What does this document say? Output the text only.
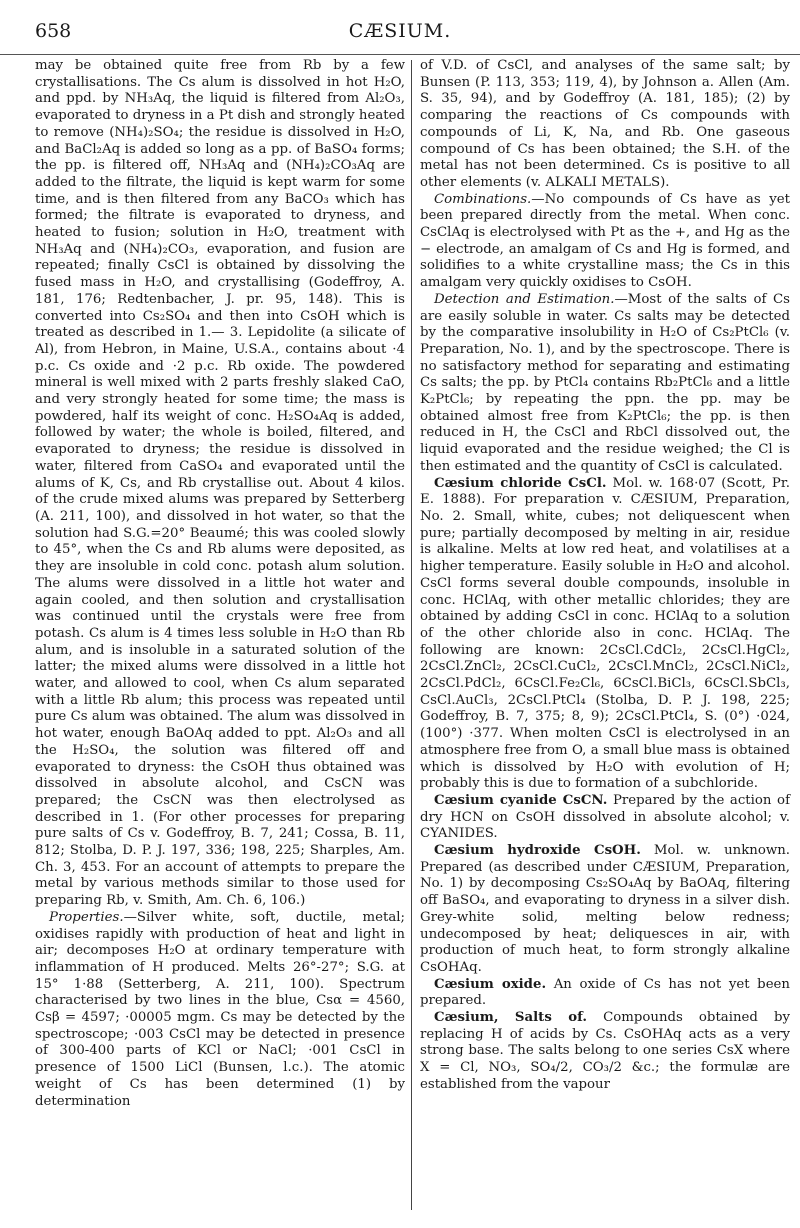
658	CÆSIUM.

may be obtained quite free from Rb by a few crystallisations. The Cs alum is dissolved in hot H₂O, and ppd. by NH₃Aq, the liquid is filtered from Al₂O₃, evaporated to dryness in a Pt dish and strongly heated to remove (NH₄)₂SO₄; the residue is dissolved in H₂O, and BaCl₂Aq is added so long as a pp. of BaSO₄ forms; the pp. is filtered off, NH₃Aq and (NH₄)₂CO₃Aq are added to the filtrate, the liquid is kept warm for some time, and is then filtered from any BaCO₃ which has formed; the filtrate is evaporated to dryness, and heated to fusion; solution in H₂O, treatment with NH₃Aq and (NH₄)₂CO₃, evaporation, and fusion are repeated; finally CsCl is obtained by dissolving the fused mass in H₂O, and crystallising (Godeffroy, A. 181, 176; Redtenbacher, J. pr. 95, 148). This is converted into Cs₂SO₄ and then into CsOH which is treated as described in 1.— 3. Lepidolite (a silicate of Al), from Hebron, in Maine, U.S.A., contains about ·4 p.c. Cs oxide and ·2 p.c. Rb oxide. The powdered mineral is well mixed with 2 parts freshly slaked CaO, and very strongly heated for some time; the mass is powdered, half its weight of conc. H₂SO₄Aq is added, followed by water; the whole is boiled, filtered, and evaporated to dryness; the residue is dissolved in water, filtered from CaSO₄ and evaporated until the alums of K, Cs, and Rb crystallise out. About 4 kilos. of the crude mixed alums was prepared by Setterberg (A. 211, 100), and dissolved in hot water, so that the solution had S.G.=20° Beaumé; this was cooled slowly to 45°, when the Cs and Rb alums were deposited, as they are insoluble in cold conc. potash alum solution. The alums were dissolved in a little hot water and again cooled, and then solution and crystallisation was continued until the crystals were free from potash. Cs alum is 4 times less soluble in H₂O than Rb alum, and is insoluble in a saturated solution of the latter; the mixed alums were dissolved in a little hot water, and allowed to cool, when Cs alum separated with a little Rb alum; this process was repeated until pure Cs alum was obtained. The alum was dissolved in hot water, enough BaOAq added to ppt. Al₂O₃ and all the H₂SO₄, the solution was filtered off and evaporated to dryness: the CsOH thus obtained was dissolved in absolute alcohol, and CsCN was prepared; the CsCN was then electrolysed as described in 1. (For other processes for preparing pure salts of Cs v. Godeffroy, B. 7, 241; Cossa, B. 11, 812; Stolba, D. P. J. 197, 336; 198, 225; Sharples, Am. Ch. 3, 453. For an account of attempts to prepare the metal by various methods similar to those used for preparing Rb, v. Smith, Am. Ch. 6, 106.)

Properties.—Silver white, soft, ductile, metal; oxidises rapidly with production of heat and light in air; decomposes H₂O at ordinary temperature with inflammation of H produced. Melts 26°-27°; S.G. at 15° 1·88 (Setterberg, A. 211, 100). Spectrum characterised by two lines in the blue, Csα = 4560, Csβ = 4597; ·00005 mgm. Cs may be detected by the spectroscope; ·003 CsCl may be detected in presence of 300-400 parts of KCl or NaCl; ·001 CsCl in presence of 1500 LiCl (Bunsen, l.c.). The atomic weight of Cs has been determined (1) by determination

of V.D. of CsCl, and analyses of the same salt; by Bunsen (P. 113, 353; 119, 4), by Johnson a. Allen (Am. S. 35, 94), and by Godeffroy (A. 181, 185); (2) by comparing the reactions of Cs compounds with compounds of Li, K, Na, and Rb. One gaseous compound of Cs has been obtained; the S.H. of the metal has not been determined. Cs is positive to all other elements (v. ALKALI METALS).

Combinations.—No compounds of Cs have as yet been prepared directly from the metal. When conc. CsClAq is electrolysed with Pt as the +, and Hg as the − electrode, an amalgam of Cs and Hg is formed, and solidifies to a white crystalline mass; the Cs in this amalgam very quickly oxidises to CsOH.

Detection and Estimation.—Most of the salts of Cs are easily soluble in water. Cs salts may be detected by the comparative insolubility in H₂O of Cs₂PtCl₆ (v. Preparation, No. 1), and by the spectroscope. There is no satisfactory method for separating and estimating Cs salts; the pp. by PtCl₄ contains Rb₂PtCl₆ and a little K₂PtCl₆; by repeating the ppn. the pp. may be obtained almost free from K₂PtCl₆; the pp. is then reduced in H, the CsCl and RbCl dissolved out, the liquid evaporated and the residue weighed; the Cl is then estimated and the quantity of CsCl is calculated.

Cæsium chloride CsCl. Mol. w. 168·07 (Scott, Pr. E. 1888). For preparation v. CÆSIUM, Preparation, No. 2. Small, white, cubes; not deliquescent when pure; partially decomposed by melting in air, residue is alkaline. Melts at low red heat, and volatilises at a higher temperature. Easily soluble in H₂O and alcohol. CsCl forms several double compounds, insoluble in conc. HClAq, with other metallic chlorides; they are obtained by adding CsCl in conc. HClAq to a solution of the other chloride also in conc. HClAq. The following are known: 2CsCl.CdCl₂, 2CsCl.HgCl₂, 2CsCl.ZnCl₂, 2CsCl.CuCl₂, 2CsCl.MnCl₂, 2CsCl.NiCl₂, 2CsCl.PdCl₂, 6CsCl.Fe₂Cl₆, 6CsCl.BiCl₃, 6CsCl.SbCl₃, CsCl.AuCl₃, 2CsCl.PtCl₄ (Stolba, D. P. J. 198, 225; Godeffroy, B. 7, 375; 8, 9); 2CsCl.PtCl₄, S. (0°) ·024, (100°) ·377. When molten CsCl is electrolysed in an atmosphere free from O, a small blue mass is obtained which is dissolved by H₂O with evolution of H; probably this is due to formation of a subchloride.

Cæsium cyanide CsCN. Prepared by the action of dry HCN on CsOH dissolved in absolute alcohol; v. CYANIDES.

Cæsium hydroxide CsOH. Mol. w. unknown. Prepared (as described under CÆSIUM, Preparation, No. 1) by decomposing Cs₂SO₄Aq by BaOAq, filtering off BaSO₄, and evaporating to dryness in a silver dish. Grey-white solid, melting below redness; undecomposed by heat; deliquesces in air, with production of much heat, to form strongly alkaline CsOHAq.

Cæsium oxide. An oxide of Cs has not yet been prepared.

Cæsium, Salts of. Compounds obtained by replacing H of acids by Cs. CsOHAq acts as a very strong base. The salts belong to one series CsX where X = Cl, NO₃, SO₄/2, CO₃/2 &c.; the formulæ are established from the vapour
